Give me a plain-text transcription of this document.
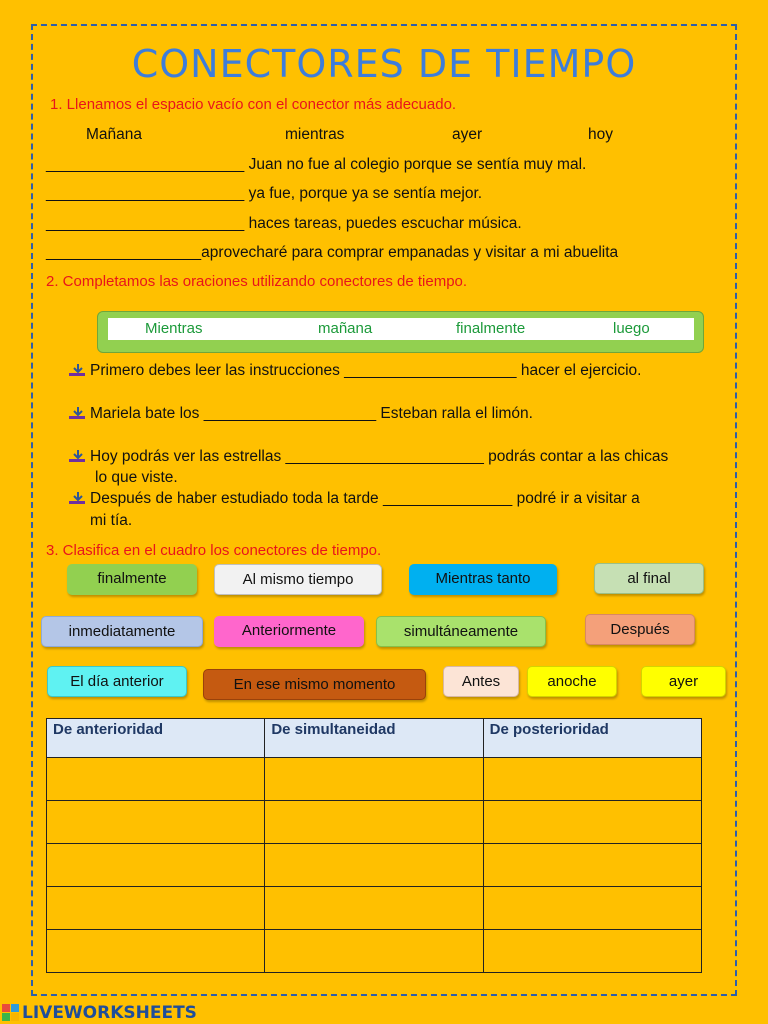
CONECTORES DE TIEMPO
1. Llenamos el espacio vacío con el conector más adecuado.
Mañana	mientras	ayer	hoy
_______________________ Juan no fue al colegio porque se sentía muy mal.
_______________________ ya fue, porque ya se sentía mejor.
_______________________ haces tareas, puedes escuchar música.
__________________aprovecharé para comprar empanadas y visitar a mi abuelita
2. Completamos las oraciones utilizando conectores de tiempo.
Mientras	mañana	finalmente	luego
Primero debes leer las instrucciones ____________________ hacer el ejercicio.
Mariela bate los ____________________ Esteban ralla el limón.
Hoy podrás ver las estrellas _______________________ podrás contar a las chicas
lo que viste.
Después de haber estudiado toda la tarde _______________ podré ir a visitar a
mi tía.
3. Clasifica en el cuadro los conectores de tiempo.
finalmente	Al mismo tiempo	Mientras tanto	al final
inmediatamente	Anteriormente	simultáneamente	Después
El día anterior	En ese mismo momento	Antes	anoche	ayer
De anterioridad	De simultaneidad	De posterioridad

LIVEWORKSHEETS
